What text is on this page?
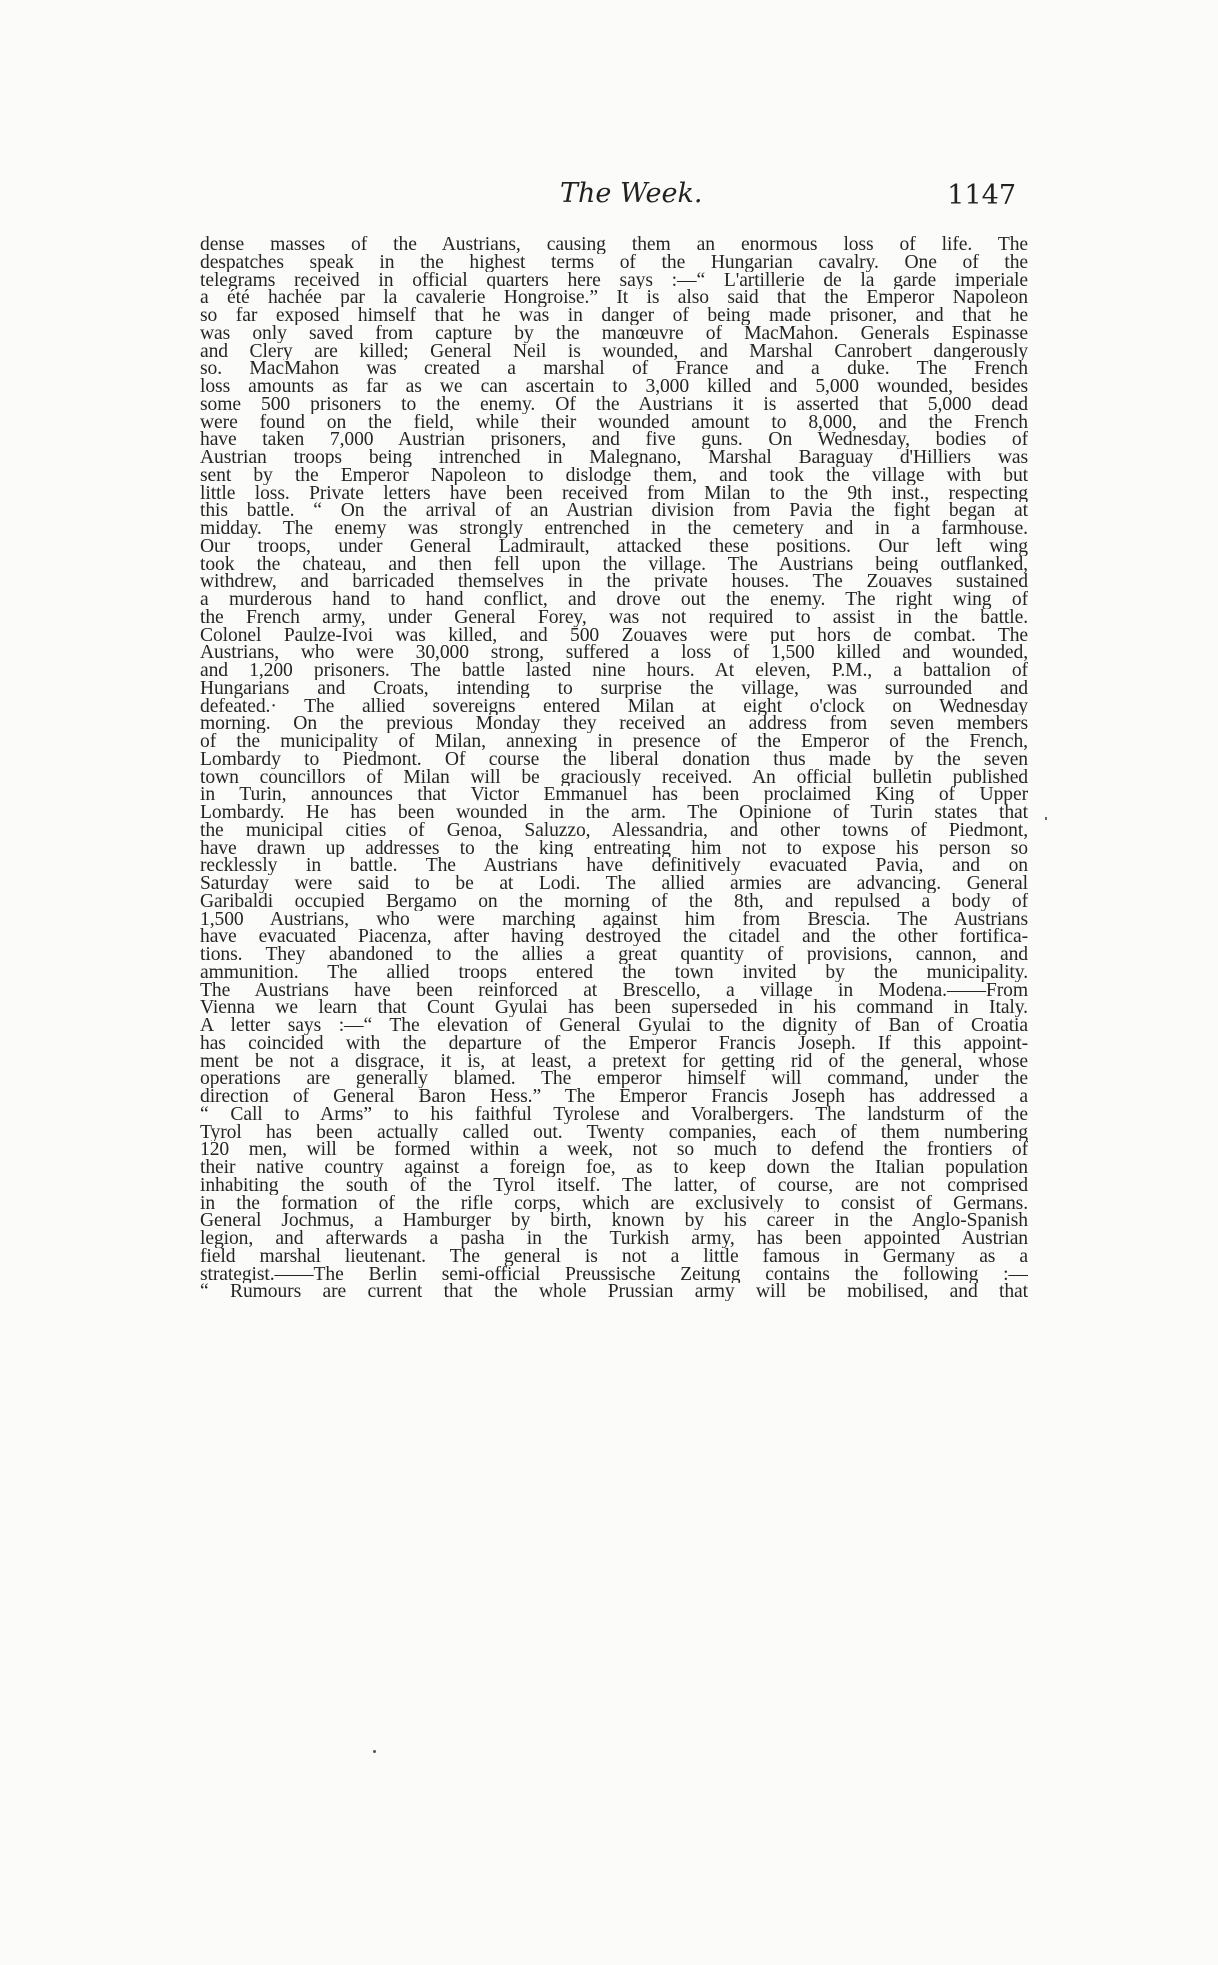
The Week.	1147
dense masses of the Austrians, causing them an enormous loss of life. The
despatches speak in the highest terms of the Hungarian cavalry. One of the
telegrams received in official quarters here says :—“ L'artillerie de la garde imperiale
a été hachée par la cavalerie Hongroise.” It is also said that the Emperor Napoleon
so far exposed himself that he was in danger of being made prisoner, and that he
was only saved from capture by the manœuvre of MacMahon. Generals Espinasse
and Clery are killed; General Neil is wounded, and Marshal Canrobert dangerously
so. MacMahon was created a marshal of France and a duke. The French
loss amounts as far as we can ascertain to 3,000 killed and 5,000 wounded, besides
some 500 prisoners to the enemy. Of the Austrians it is asserted that 5,000 dead
were found on the field, while their wounded amount to 8,000, and the French
have taken 7,000 Austrian prisoners, and five guns. On Wednesday, bodies of
Austrian troops being intrenched in Malegnano, Marshal Baraguay d'Hilliers was
sent by the Emperor Napoleon to dislodge them, and took the village with but
little loss. Private letters have been received from Milan to the 9th inst., respecting
this battle. “ On the arrival of an Austrian division from Pavia the fight began at
midday. The enemy was strongly entrenched in the cemetery and in a farmhouse.
Our troops, under General Ladmirault, attacked these positions. Our left wing
took the chateau, and then fell upon the village. The Austrians being outflanked,
withdrew, and barricaded themselves in the private houses. The Zouaves sustained
a murderous hand to hand conflict, and drove out the enemy. The right wing of
the French army, under General Forey, was not required to assist in the battle.
Colonel Paulze-Ivoi was killed, and 500 Zouaves were put hors de combat. The
Austrians, who were 30,000 strong, suffered a loss of 1,500 killed and wounded,
and 1,200 prisoners. The battle lasted nine hours. At eleven, P.M., a battalion of
Hungarians and Croats, intending to surprise the village, was surrounded and
defeated.· The allied sovereigns entered Milan at eight o'clock on Wednesday
morning. On the previous Monday they received an address from seven members
of the municipality of Milan, annexing in presence of the Emperor of the French,
Lombardy to Piedmont. Of course the liberal donation thus made by the seven
town councillors of Milan will be graciously received. An official bulletin published
in Turin, announces that Victor Emmanuel has been proclaimed King of Upper
Lombardy. He has been wounded in the arm. The Opinione of Turin states that
the municipal cities of Genoa, Saluzzo, Alessandria, and other towns of Piedmont,
have drawn up addresses to the king entreating him not to expose his person so
recklessly in battle. The Austrians have definitively evacuated Pavia, and on
Saturday were said to be at Lodi. The allied armies are advancing. General
Garibaldi occupied Bergamo on the morning of the 8th, and repulsed a body of
1,500 Austrians, who were marching against him from Brescia. The Austrians
have evacuated Piacenza, after having destroyed the citadel and the other fortifica-
tions. They abandoned to the allies a great quantity of provisions, cannon, and
ammunition. The allied troops entered the town invited by the municipality.
The Austrians have been reinforced at Brescello, a village in Modena.——From
Vienna we learn that Count Gyulai has been superseded in his command in Italy.
A letter says :—“ The elevation of General Gyulai to the dignity of Ban of Croatia
has coincided with the departure of the Emperor Francis Joseph. If this appoint-
ment be not a disgrace, it is, at least, a pretext for getting rid of the general, whose
operations are generally blamed. The emperor himself will command, under the
direction of General Baron Hess.” The Emperor Francis Joseph has addressed a
“ Call to Arms” to his faithful Tyrolese and Voralbergers. The landsturm of the
Tyrol has been actually called out. Twenty companies, each of them numbering
120 men, will be formed within a week, not so much to defend the frontiers of
their native country against a foreign foe, as to keep down the Italian population
inhabiting the south of the Tyrol itself. The latter, of course, are not comprised
in the formation of the rifle corps, which are exclusively to consist of Germans.
General Jochmus, a Hamburger by birth, known by his career in the Anglo-Spanish
legion, and afterwards a pasha in the Turkish army, has been appointed Austrian
field marshal lieutenant. The general is not a little famous in Germany as a
strategist.——The Berlin semi-official Preussische Zeitung contains the following :—
“ Rumours are current that the whole Prussian army will be mobilised, and that
